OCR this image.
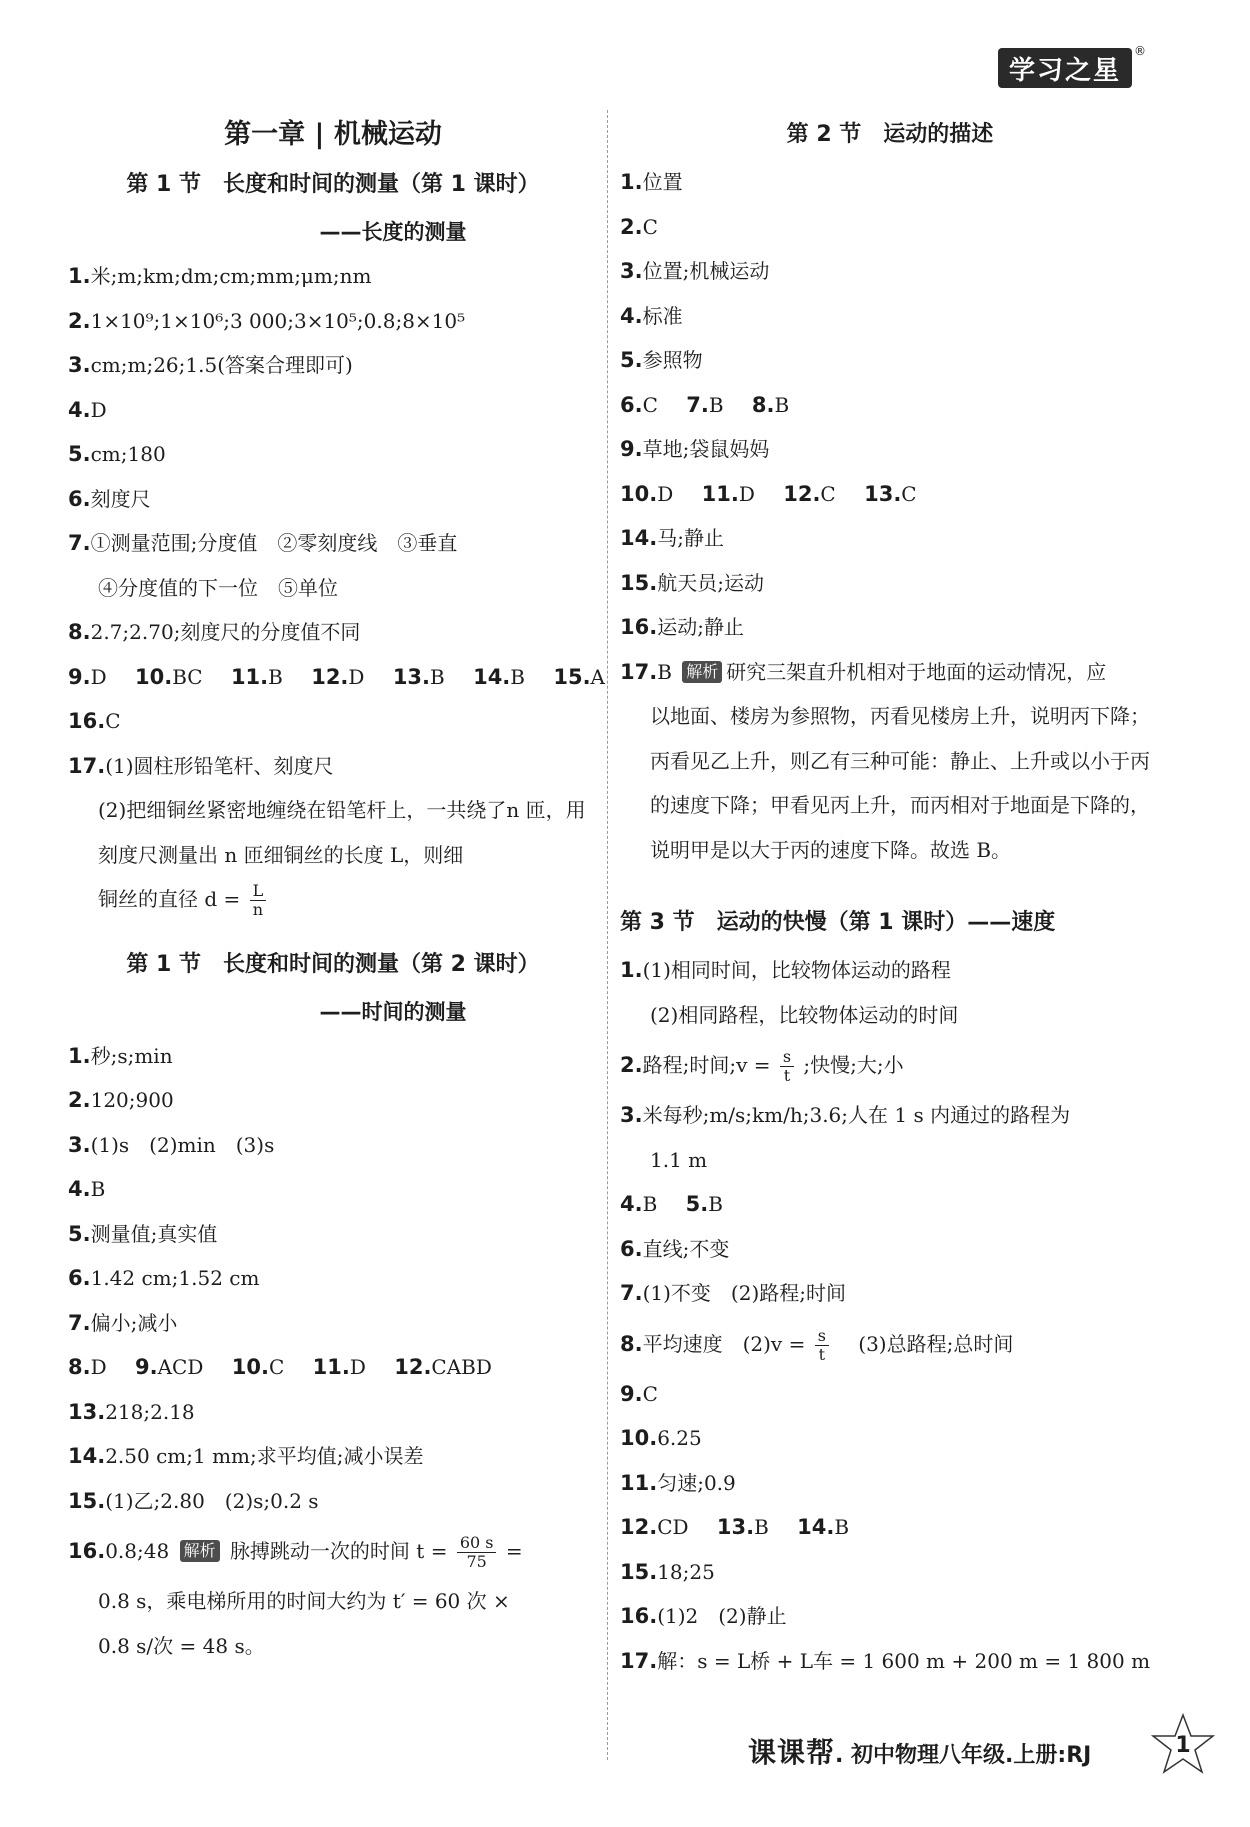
学习之星
®
第一章 | 机械运动
第 1 节　长度和时间的测量（第 1 课时）
——长度的测量
1.米;m;km;dm;cm;mm;μm;nm
2.1×10⁹;1×10⁶;3 000;3×10⁵;0.8;8×10⁵
3.cm;m;26;1.5(答案合理即可)
4.D
5.cm;180
6.刻度尺
7.①测量范围;分度值　②零刻度线　③垂直
④分度值的下一位　⑤单位
8.2.7;2.70;刻度尺的分度值不同
9.D 10.BC 11.B 12.D 13.B 14.B 15.A
16.C
17.(1)圆柱形铅笔杆、刻度尺
(2)把细铜丝紧密地缠绕在铅笔杆上，一共绕了n 匝，用刻度尺测量出 n 匝细铜丝的长度 L，则细
铜丝的直径 $d = \frac{L}{n}$
第 1 节　长度和时间的测量（第 2 课时）
——时间的测量
1.秒;s;min
2.120;900
3.(1)s　(2)min　(3)s
4.B
5.测量值;真实值
6.1.42 cm;1.52 cm
7.偏小;减小
8.D 9.ACD 10.C 11.D 12.CABD
13.218;2.18
14.2.50 cm;1 mm;求平均值;减小误差
15.(1)乙;2.80　(2)s;0.2 s
16.0.8;48 解析 脉搏跳动一次的时间 $t = \frac{60 s}{75}$ =
0.8 s，乘电梯所用的时间大约为 t′ = 60 次 ×
0.8 s/次 = 48 s。
第 2 节　运动的描述
1.位置
2.C
3.位置;机械运动
4.标准
5.参照物
6.C 7.B 8.B
9.草地;袋鼠妈妈
10.D 11.D 12.C 13.C
14.马;静止
15.航天员;运动
16.运动;静止
17.B 解析 研究三架直升机相对于地面的运动情况，应
以地面、楼房为参照物，丙看见楼房上升，说明丙下降；丙看见乙上升，则乙有三种可能：静止、上升或以小于丙的速度下降；甲看见丙上升，而丙相对于地面是下降的，说明甲是以大于丙的速度下降。故选 B。
第 3 节　运动的快慢（第 1 课时）——速度
1.(1)相同时间，比较物体运动的路程
(2)相同路程，比较物体运动的时间
2.路程;时间;v = $\frac{s}{t}$ ;快慢;大;小
3.米每秒;m/s;km/h;3.6;人在 1 s 内通过的路程为
1.1 m
4.B 5.B
6.直线;不变
7.(1)不变　(2)路程;时间
8.平均速度　$(2)v = \frac{s}{t}$ 　(3)总路程;总时间
9.C
10.6.25
11.匀速;0.9
12.CD 13.B 14.B
15.18;25
16.(1)2　(2)静止
17.解：s = L桥 + L车 = 1 600 m + 200 m = 1 800 m
课课帮. 初中物理八年级.上册:RJ	1
